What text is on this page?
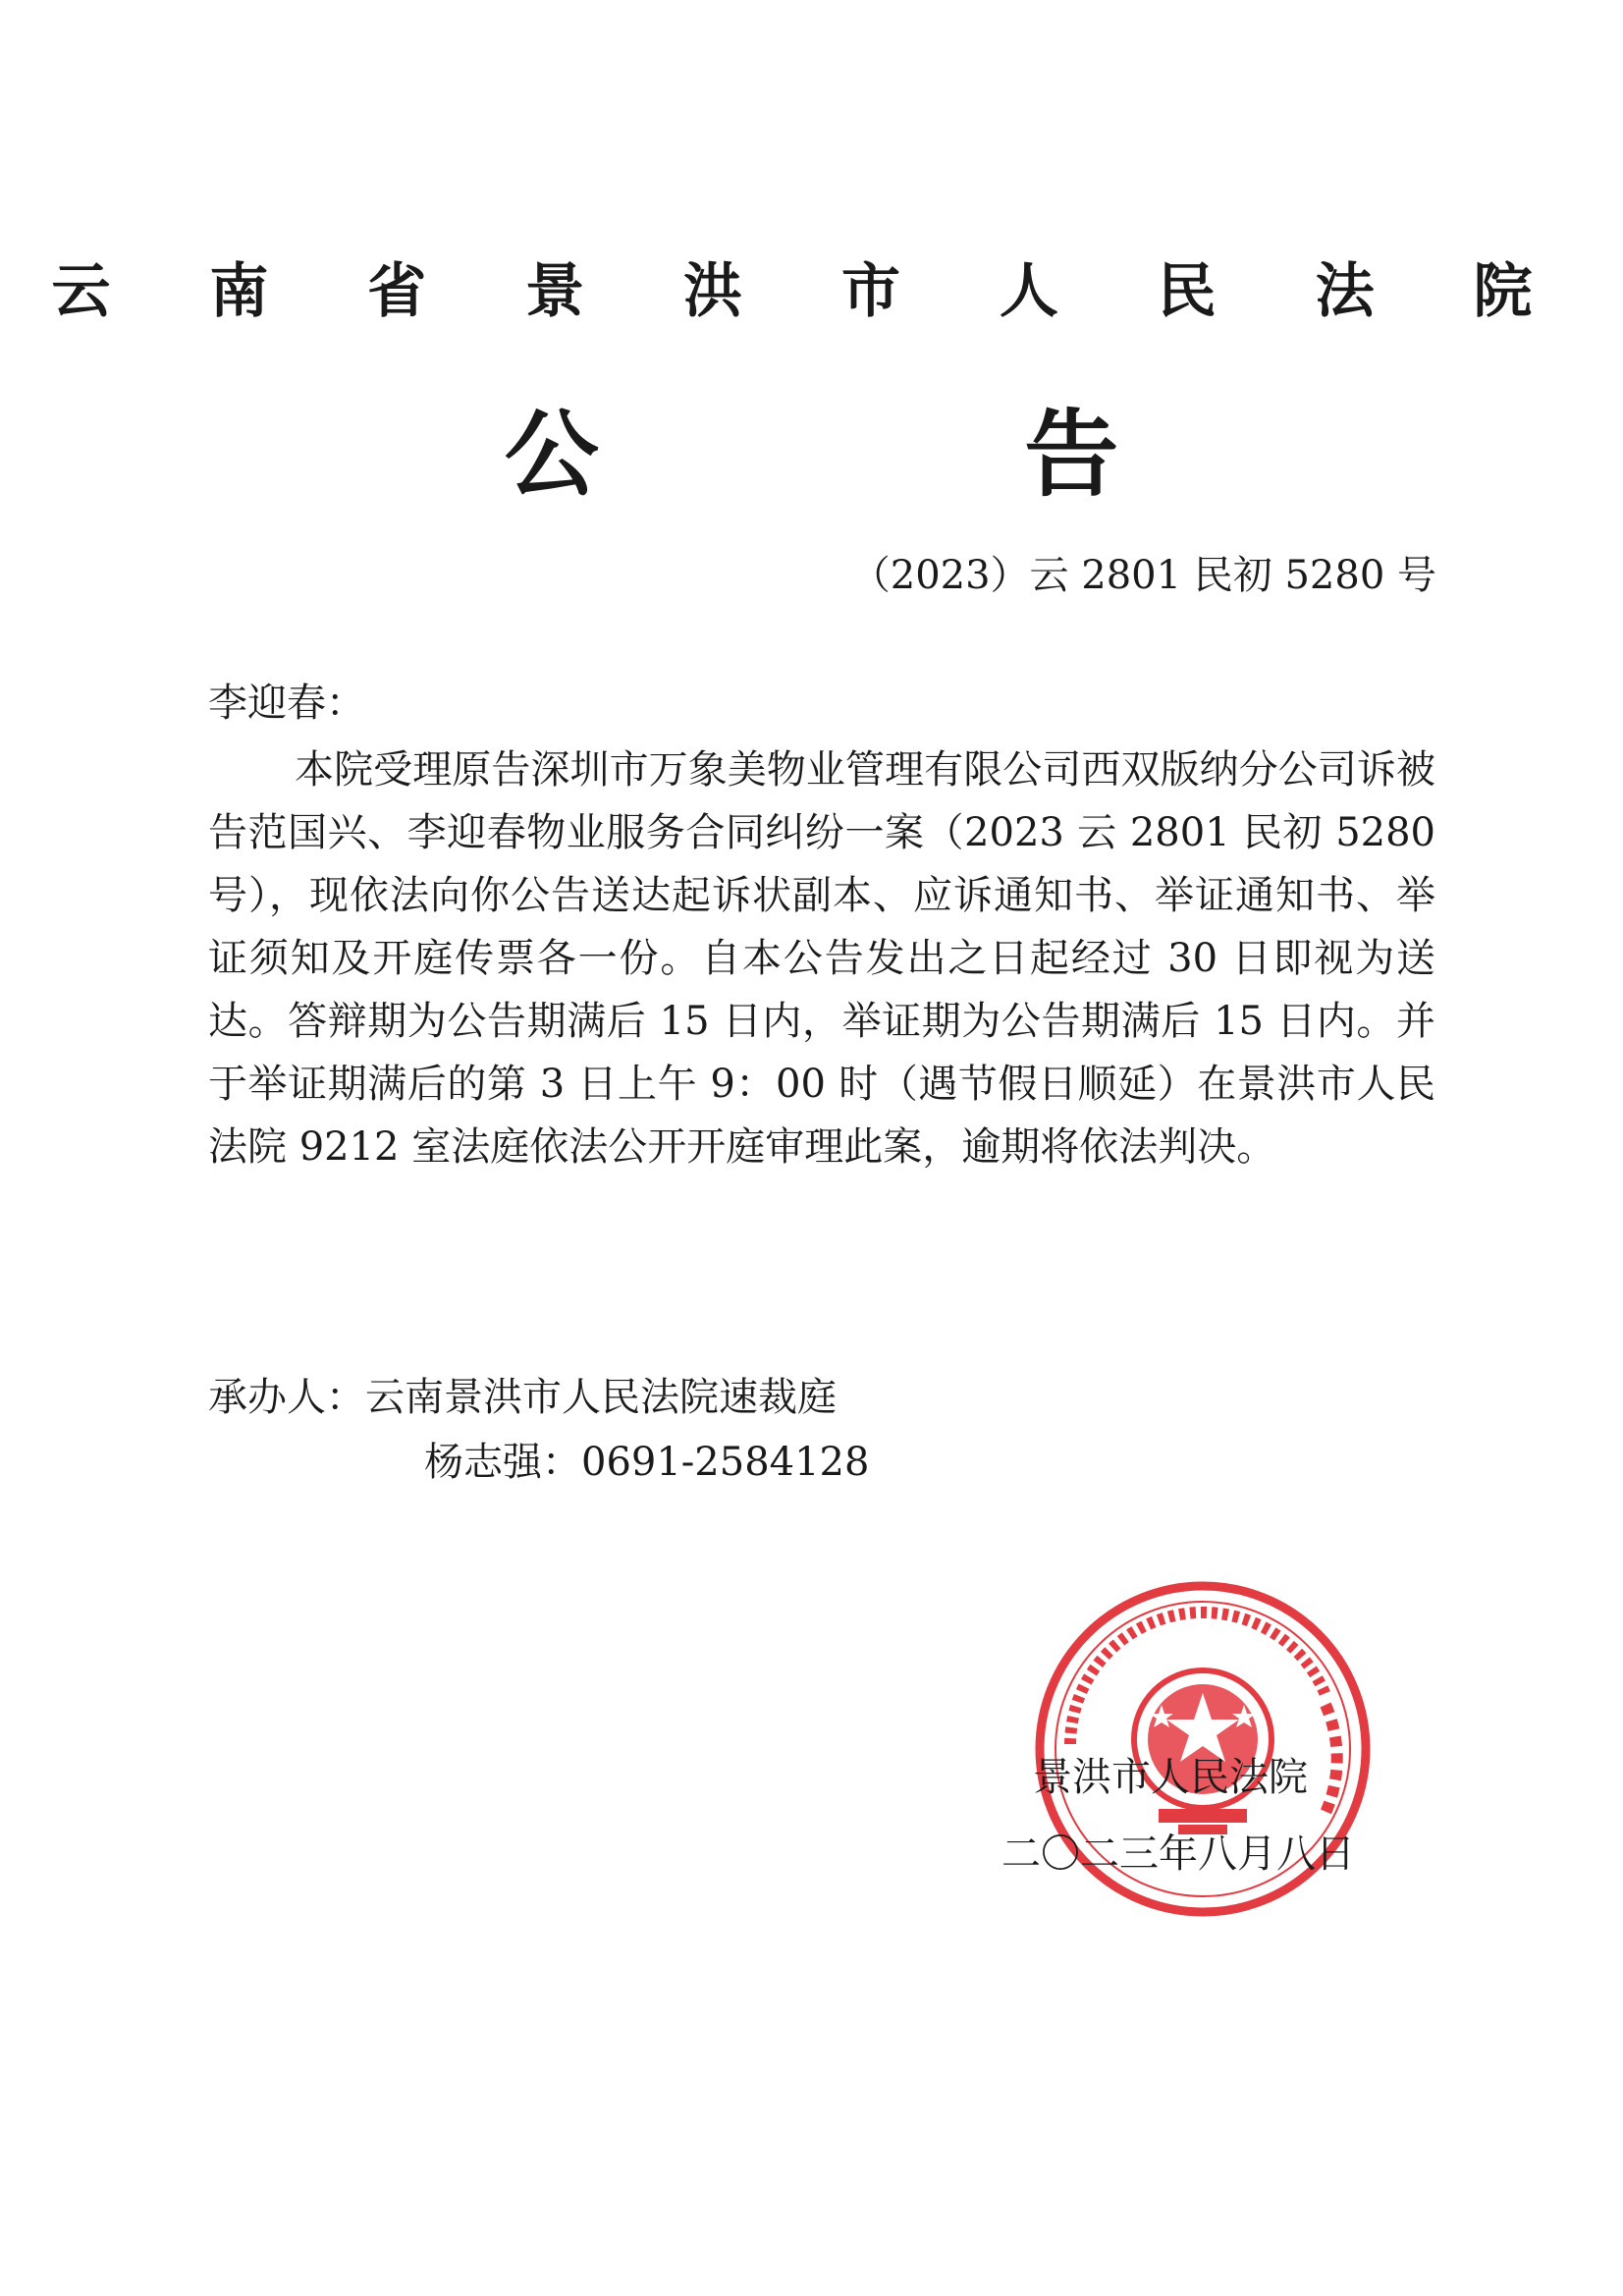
云 南 省 景 洪 市 人 民 法 院
公 告
（2023）云 2801 民初 5280 号
李迎春：

本院受理原告深圳市万象美物业管理有限公司西双版纳分公司诉被告范国兴、李迎春物业服务合同纠纷一案（2023 云 2801 民初 5280 号），现依法向你公告送达起诉状副本、应诉通知书、举证通知书、举证须知及开庭传票各一份。自本公告发出之日起经过 30 日即视为送达。答辩期为公告期满后 15 日内，举证期为公告期满后 15 日内。并于举证期满后的第 3 日上午 9：00 时（遇节假日顺延）在景洪市人民法院 9212 室法庭依法公开开庭审理此案，逾期将依法判决。

承办人：云南景洪市人民法院速裁庭
杨志强：0691-2584128
景洪市人民法院
二〇二三年八月八日
